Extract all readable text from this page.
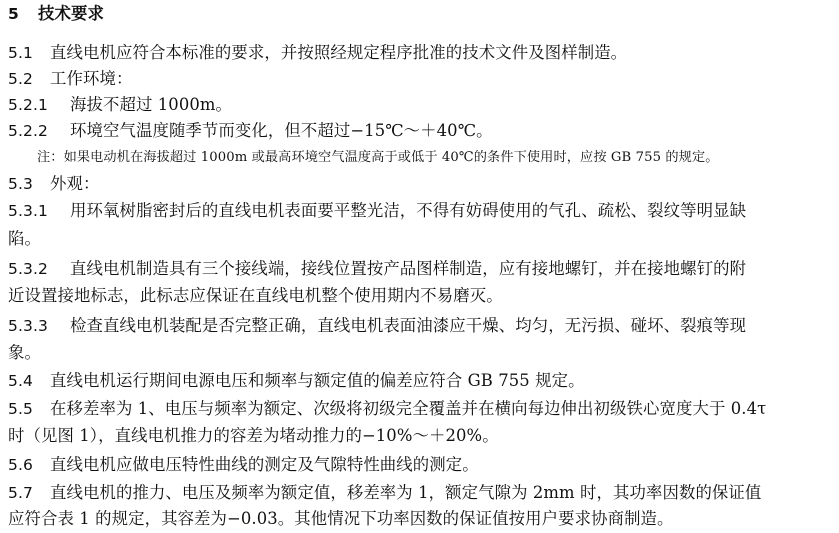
5 技术要求
5.1 直线电机应符合本标准的要求，并按照经规定程序批准的技术文件及图样制造。
5.2 工作环境：
5.2.1 海拔不超过 1000m。
5.2.2 环境空气温度随季节而变化，但不超过−15℃～＋40℃。
注：如果电动机在海拔超过 1000m 或最高环境空气温度高于或低于 40℃的条件下使用时，应按 GB 755 的规定。
5.3 外观：
5.3.1 用环氧树脂密封后的直线电机表面要平整光洁，不得有妨碍使用的气孔、疏松、裂纹等明显缺
陷。
5.3.2 直线电机制造具有三个接线端，接线位置按产品图样制造，应有接地螺钉，并在接地螺钉的附
近设置接地标志，此标志应保证在直线电机整个使用期内不易磨灭。
5.3.3 检查直线电机装配是否完整正确，直线电机表面油漆应干燥、均匀，无污损、碰坏、裂痕等现
象。
5.4 直线电机运行期间电源电压和频率与额定值的偏差应符合 GB 755 规定。
5.5 在移差率为 1、电压与频率为额定、次级将初级完全覆盖并在横向每边伸出初级铁心宽度大于 0.4τ
时（见图 1），直线电机推力的容差为堵动推力的−10%～＋20%。
5.6 直线电机应做电压特性曲线的测定及气隙特性曲线的测定。
5.7 直线电机的推力、电压及频率为额定值，移差率为 1，额定气隙为 2mm 时，其功率因数的保证值
应符合表 1 的规定，其容差为−0.03。其他情况下功率因数的保证值按用户要求协商制造。
